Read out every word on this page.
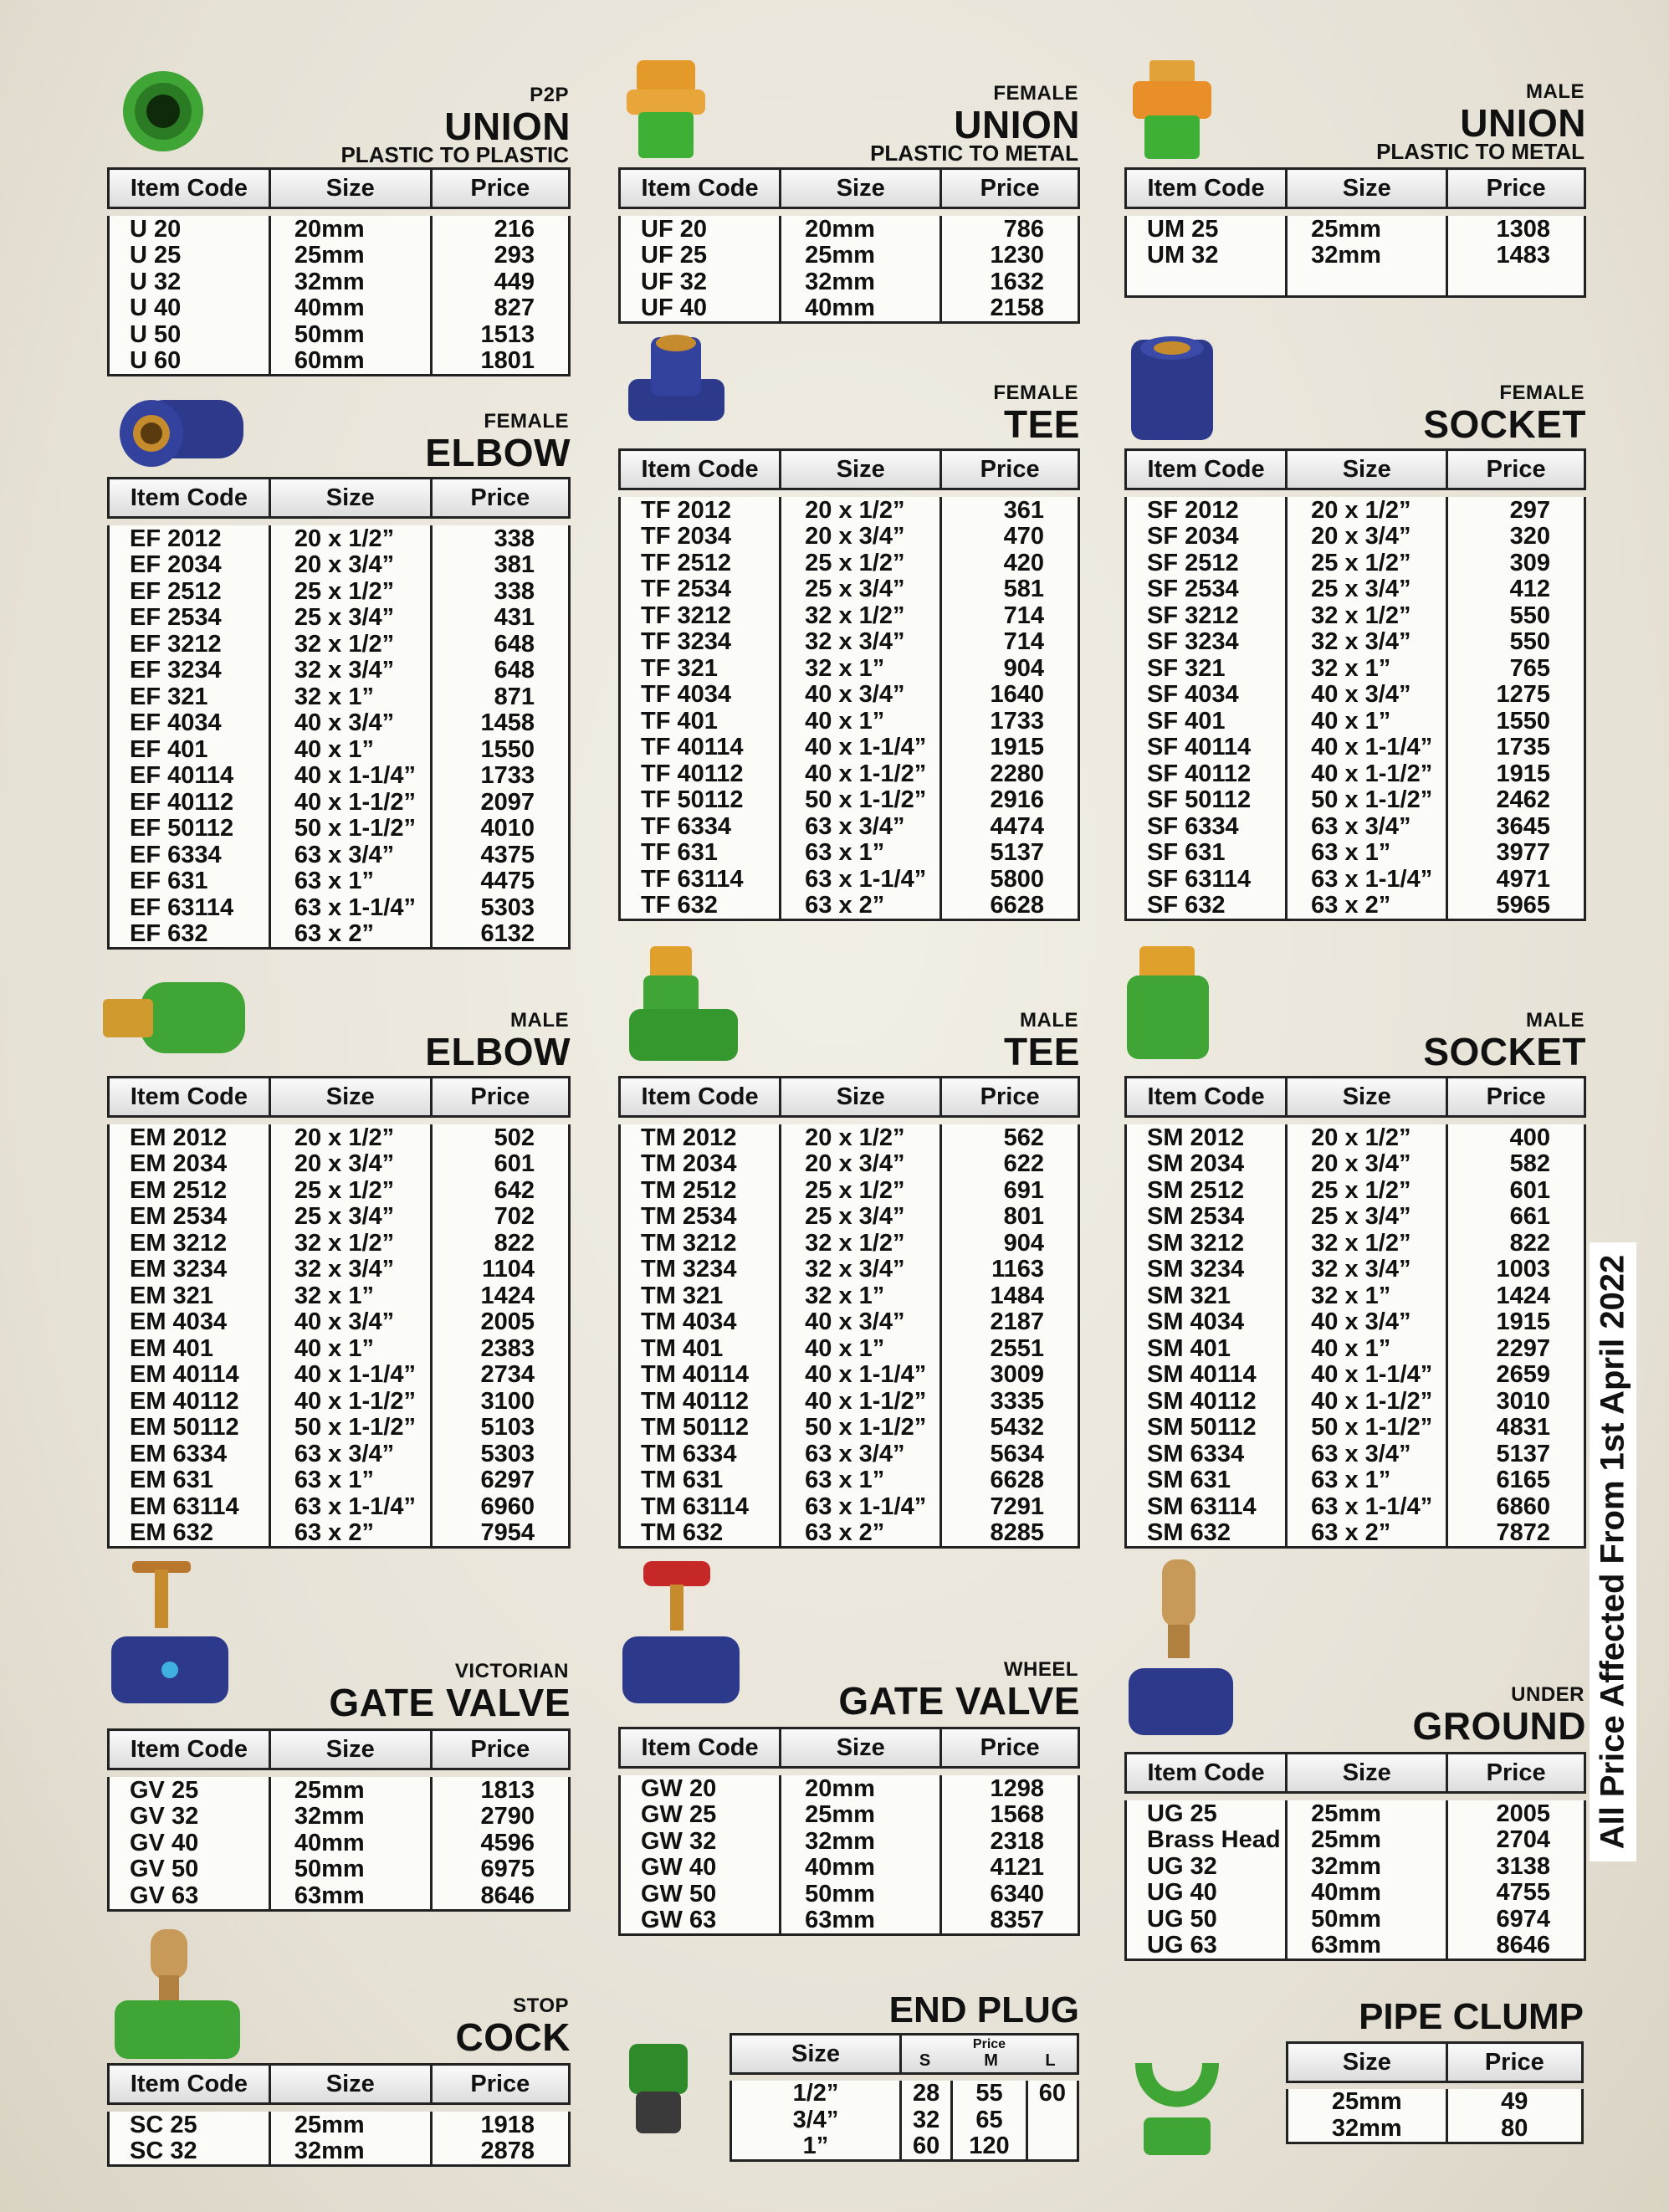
P2P
UNION
PLASTIC TO PLASTIC
Item Code	Size	Price

U 20	20mm	216
U 25	25mm	293
U 32	32mm	449
U 40	40mm	827
U 50	50mm	1513
U 60	60mm	1801
FEMALE
UNION
PLASTIC TO METAL
Item Code	Size	Price

UF 20	20mm	786
UF 25	25mm	1230
UF 32	32mm	1632
UF 40	40mm	2158
MALE
UNION
PLASTIC TO METAL
Item Code	Size	Price

UM 25	25mm	1308
UM 32	32mm	1483

FEMALE
ELBOW
Item Code	Size	Price

EF 2012	20 x 1/2”	338
EF 2034	20 x 3/4”	381
EF 2512	25 x 1/2”	338
EF 2534	25 x 3/4”	431
EF 3212	32 x 1/2”	648
EF 3234	32 x 3/4”	648
EF 321	32 x 1”	871
EF 4034	40 x 3/4”	1458
EF 401	40 x 1”	1550
EF 40114	40 x 1-1/4”	1733
EF 40112	40 x 1-1/2”	2097
EF 50112	50 x 1-1/2”	4010
EF 6334	63 x 3/4”	4375
EF 631	63 x 1”	4475
EF 63114	63 x 1-1/4”	5303
EF 632	63 x 2”	6132
FEMALE
TEE
Item Code	Size	Price

TF 2012	20 x 1/2”	361
TF 2034	20 x 3/4”	470
TF 2512	25 x 1/2”	420
TF 2534	25 x 3/4”	581
TF 3212	32 x 1/2”	714
TF 3234	32 x 3/4”	714
TF 321	32 x 1”	904
TF 4034	40 x 3/4”	1640
TF 401	40 x 1”	1733
TF 40114	40 x 1-1/4”	1915
TF 40112	40 x 1-1/2”	2280
TF 50112	50 x 1-1/2”	2916
TF 6334	63 x 3/4”	4474
TF 631	63 x 1”	5137
TF 63114	63 x 1-1/4”	5800
TF 632	63 x 2”	6628
FEMALE
SOCKET
Item Code	Size	Price

SF 2012	20 x 1/2”	297
SF 2034	20 x 3/4”	320
SF 2512	25 x 1/2”	309
SF 2534	25 x 3/4”	412
SF 3212	32 x 1/2”	550
SF 3234	32 x 3/4”	550
SF 321	32 x 1”	765
SF 4034	40 x 3/4”	1275
SF 401	40 x 1”	1550
SF 40114	40 x 1-1/4”	1735
SF 40112	40 x 1-1/2”	1915
SF 50112	50 x 1-1/2”	2462
SF 6334	63 x 3/4”	3645
SF 631	63 x 1”	3977
SF 63114	63 x 1-1/4”	4971
SF 632	63 x 2”	5965
MALE
ELBOW
Item Code	Size	Price

EM 2012	20 x 1/2”	502
EM 2034	20 x 3/4”	601
EM 2512	25 x 1/2”	642
EM 2534	25 x 3/4”	702
EM 3212	32 x 1/2”	822
EM 3234	32 x 3/4”	1104
EM 321	32 x 1”	1424
EM 4034	40 x 3/4”	2005
EM 401	40 x 1”	2383
EM 40114	40 x 1-1/4”	2734
EM 40112	40 x 1-1/2”	3100
EM 50112	50 x 1-1/2”	5103
EM 6334	63 x 3/4”	5303
EM 631	63 x 1”	6297
EM 63114	63 x 1-1/4”	6960
EM 632	63 x 2”	7954
MALE
TEE
Item Code	Size	Price

TM 2012	20 x 1/2”	562
TM 2034	20 x 3/4”	622
TM 2512	25 x 1/2”	691
TM 2534	25 x 3/4”	801
TM 3212	32 x 1/2”	904
TM 3234	32 x 3/4”	1163
TM 321	32 x 1”	1484
TM 4034	40 x 3/4”	2187
TM 401	40 x 1”	2551
TM 40114	40 x 1-1/4”	3009
TM 40112	40 x 1-1/2”	3335
TM 50112	50 x 1-1/2”	5432
TM 6334	63 x 3/4”	5634
TM 631	63 x 1”	6628
TM 63114	63 x 1-1/4”	7291
TM 632	63 x 2”	8285
MALE
SOCKET
Item Code	Size	Price

SM 2012	20 x 1/2”	400
SM 2034	20 x 3/4”	582
SM 2512	25 x 1/2”	601
SM 2534	25 x 3/4”	661
SM 3212	32 x 1/2”	822
SM 3234	32 x 3/4”	1003
SM 321	32 x 1”	1424
SM 4034	40 x 3/4”	1915
SM 401	40 x 1”	2297
SM 40114	40 x 1-1/4”	2659
SM 40112	40 x 1-1/2”	3010
SM 50112	50 x 1-1/2”	4831
SM 6334	63 x 3/4”	5137
SM 631	63 x 1”	6165
SM 63114	63 x 1-1/4”	6860
SM 632	63 x 2”	7872
VICTORIAN
GATE VALVE
Item Code	Size	Price

GV 25	25mm	1813
GV 32	32mm	2790
GV 40	40mm	4596
GV 50	50mm	6975
GV 63	63mm	8646
WHEEL
GATE VALVE
Item Code	Size	Price

GW 20	20mm	1298
GW 25	25mm	1568
GW 32	32mm	2318
GW 40	40mm	4121
GW 50	50mm	6340
GW 63	63mm	8357
UNDER
GROUND
Item Code	Size	Price

UG 25	25mm	2005
Brass Head	25mm	2704
UG 32	32mm	3138
UG 40	40mm	4755
UG 50	50mm	6974
UG 63	63mm	8646
STOP
COCK
Item Code	Size	Price

SC 25	25mm	1918
SC 32	32mm	2878
END PLUG
Size	Price
S M L		

1/2”	28	55	60
3/4”	32	65	
1”	60	120	
PIPE CLUMP
Size	Price

25mm	49
32mm	80
All Price Affected From 1st April 2022
